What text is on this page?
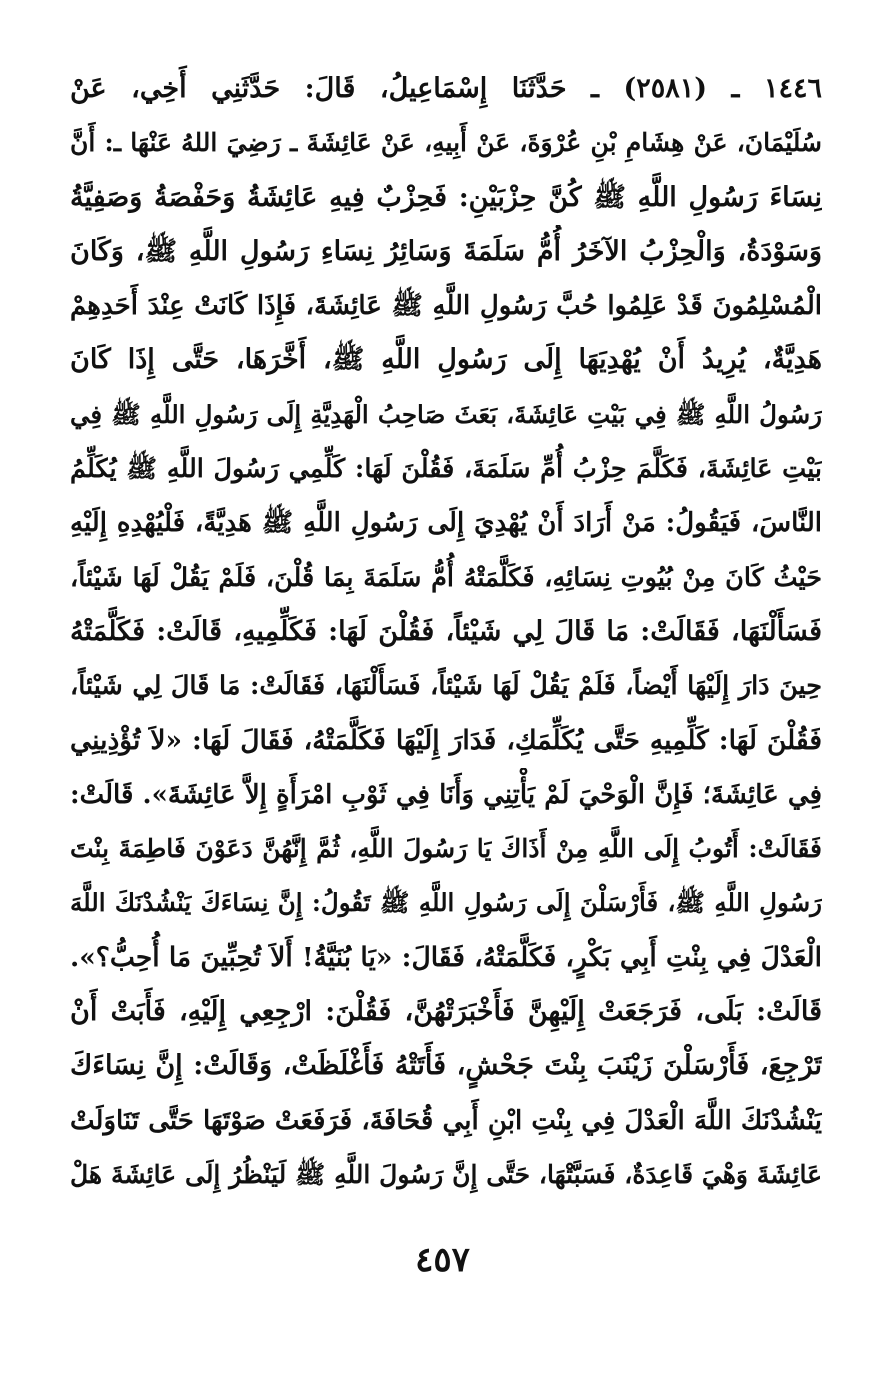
١٤٤٦ ـ (٢٥٨١) ـ حَدَّثَنَا إِسْمَاعِيلُ، قَالَ: حَدَّثَنِي أَخِي، عَنْ
سُلَيْمَانَ، عَنْ هِشَامِ بْنِ عُرْوَةَ، عَنْ أَبِيهِ، عَنْ عَائِشَةَ ـ رَضِيَ اللهُ عَنْهَا ـ: أَنَّ
نِسَاءَ رَسُولِ اللَّهِ ﷺ كُنَّ حِزْبَيْنِ: فَحِزْبٌ فِيهِ عَائِشَةُ وَحَفْصَةُ وَصَفِيَّةُ
وَسَوْدَةُ، وَالْحِزْبُ الآخَرُ أُمُّ سَلَمَةَ وَسَائِرُ نِسَاءِ رَسُولِ اللَّهِ ﷺ، وَكَانَ
الْمُسْلِمُونَ قَدْ عَلِمُوا حُبَّ رَسُولِ اللَّهِ ﷺ عَائِشَةَ، فَإِذَا كَانَتْ عِنْدَ أَحَدِهِمْ
هَدِيَّةٌ، يُرِيدُ أَنْ يُهْدِيَهَا إِلَى رَسُولِ اللَّهِ ﷺ، أَخَّرَهَا، حَتَّى إِذَا كَانَ
رَسُولُ اللَّهِ ﷺ فِي بَيْتِ عَائِشَةَ، بَعَثَ صَاحِبُ الْهَدِيَّةِ إِلَى رَسُولِ اللَّهِ ﷺ فِي
بَيْتِ عَائِشَةَ، فَكَلَّمَ حِزْبُ أُمِّ سَلَمَةَ، فَقُلْنَ لَهَا: كَلِّمِي رَسُولَ اللَّهِ ﷺ يُكَلِّمُ
النَّاسَ، فَيَقُولُ: مَنْ أَرَادَ أَنْ يُهْدِيَ إِلَى رَسُولِ اللَّهِ ﷺ هَدِيَّةً، فَلْيُهْدِهِ إِلَيْهِ
حَيْثُ كَانَ مِنْ بُيُوتِ نِسَائِهِ، فَكَلَّمَتْهُ أُمُّ سَلَمَةَ بِمَا قُلْنَ، فَلَمْ يَقُلْ لَهَا شَيْئاً،
فَسَأَلْنَهَا، فَقَالَتْ: مَا قَالَ لِي شَيْئاً، فَقُلْنَ لَهَا: فَكَلِّمِيهِ، قَالَتْ: فَكَلَّمَتْهُ
حِينَ دَارَ إِلَيْهَا أَيْضاً، فَلَمْ يَقُلْ لَهَا شَيْئاً، فَسَأَلْنَهَا، فَقَالَتْ: مَا قَالَ لِي شَيْئاً،
فَقُلْنَ لَهَا: كَلِّمِيهِ حَتَّى يُكَلِّمَكِ، فَدَارَ إِلَيْهَا فَكَلَّمَتْهُ، فَقَالَ لَهَا: «لاَ تُؤْذِينِي
فِي عَائِشَةَ؛ فَإِنَّ الْوَحْيَ لَمْ يَأْتِنِي وَأَنَا فِي ثَوْبِ امْرَأَةٍ إِلاَّ عَائِشَةَ». قَالَتْ:
فَقَالَتْ: أَتُوبُ إِلَى اللَّهِ مِنْ أَذَاكَ يَا رَسُولَ اللَّهِ، ثُمَّ إِنَّهُنَّ دَعَوْنَ فَاطِمَةَ بِنْتَ
رَسُولِ اللَّهِ ﷺ، فَأَرْسَلْنَ إِلَى رَسُولِ اللَّهِ ﷺ تَقُولُ: إِنَّ نِسَاءَكَ يَنْشُدْنَكَ اللَّهَ
الْعَدْلَ فِي بِنْتِ أَبِي بَكْرٍ، فَكَلَّمَتْهُ، فَقَالَ: «يَا بُنَيَّةُ! أَلاَ تُحِبِّينَ مَا أُحِبُّ؟».
قَالَتْ: بَلَى، فَرَجَعَتْ إِلَيْهِنَّ فَأَخْبَرَتْهُنَّ، فَقُلْنَ: ارْجِعِي إِلَيْهِ، فَأَبَتْ أَنْ
تَرْجِعَ، فَأَرْسَلْنَ زَيْنَبَ بِنْتَ جَحْشٍ، فَأَتَتْهُ فَأَغْلَظَتْ، وَقَالَتْ: إِنَّ نِسَاءَكَ
يَنْشُدْنَكَ اللَّهَ الْعَدْلَ فِي بِنْتِ ابْنِ أَبِي قُحَافَةَ، فَرَفَعَتْ صَوْتَهَا حَتَّى تَنَاوَلَتْ
عَائِشَةَ وَهْيَ قَاعِدَةٌ، فَسَبَّتْهَا، حَتَّى إِنَّ رَسُولَ اللَّهِ ﷺ لَيَنْظُرُ إِلَى عَائِشَةَ هَلْ
٤٥٧
